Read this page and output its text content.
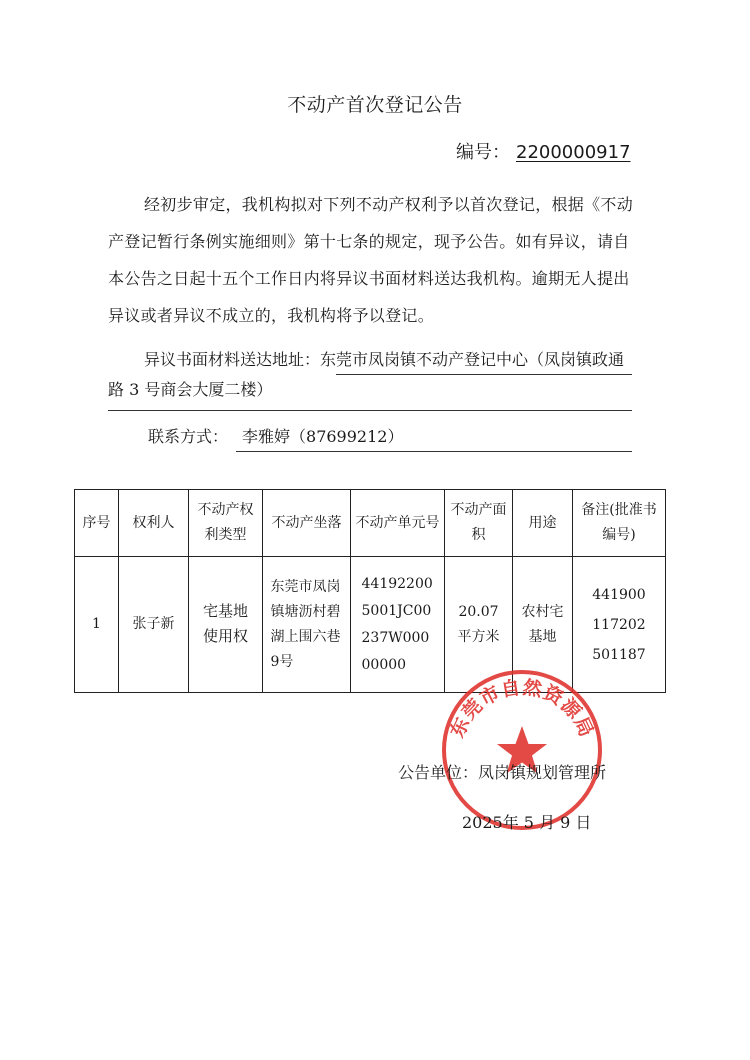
不动产首次登记公告
编号： 2200000917
经初步审定，我机构拟对下列不动产权利予以首次登记，根据《不动产登记暂行条例实施细则》第十七条的规定，现予公告。如有异议，请自本公告之日起十五个工作日内将异议书面材料送达我机构。逾期无人提出异议或者异议不成立的，我机构将予以登记。
异议书面材料送达地址：东莞市凤岗镇不动产登记中心（凤岗镇政通路 3 号商会大厦二楼）
联系方式： 李雅婷（87699212）
序号	权利人	不动产权利类型	不动产坐落	不动产单元号	不动产面积	用途	备注(批准书编号)
1	张子新	宅基地使用权	东莞市凤岗镇塘沥村碧湖上围六巷9号	441922005001JC00237W00000000	20.07平方米	农村宅基地	441900117202501187
东莞市自然资源局
公告单位：凤岗镇规划管理所
2025年 5 月 9 日
